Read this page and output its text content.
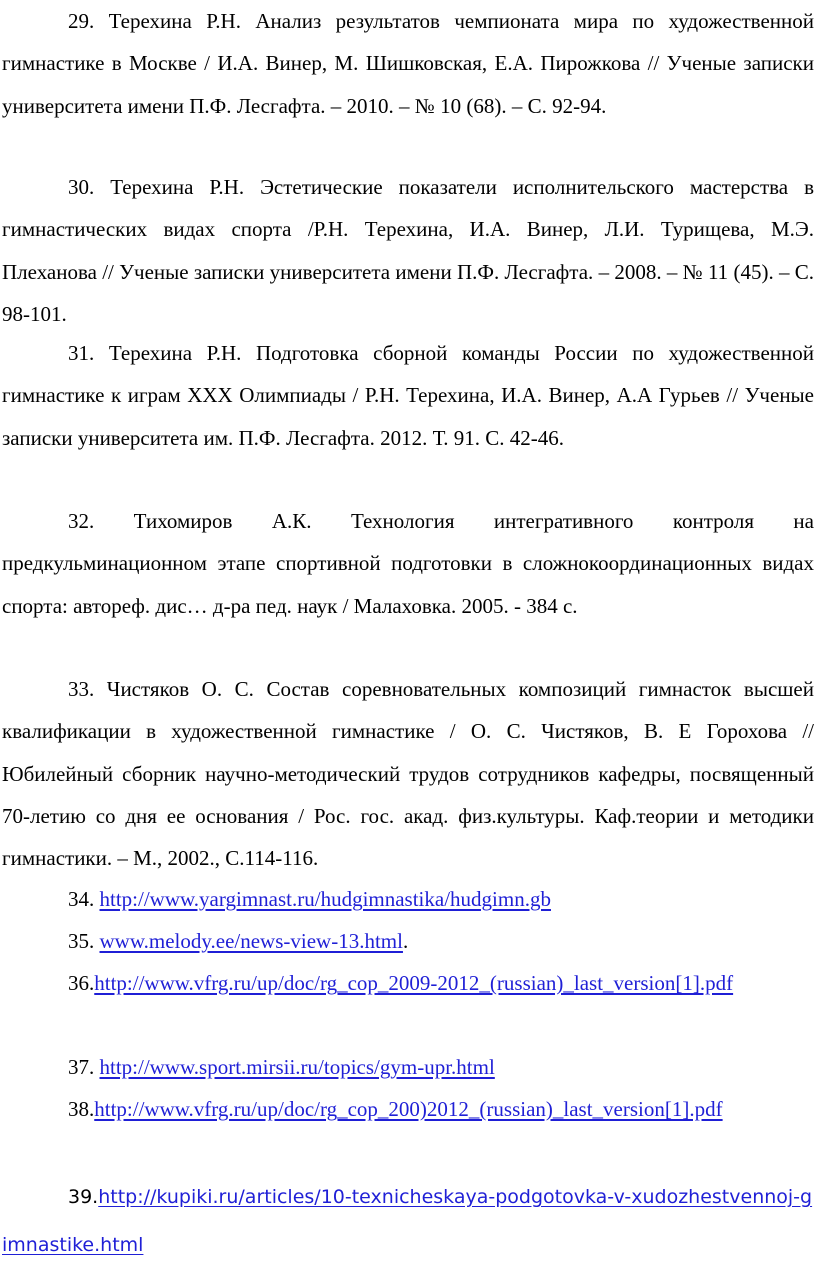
29. Терехина Р.Н. Анализ результатов чемпионата мира по художественной гимнастике в Москве / И.А. Винер, М. Шишковская, Е.А. Пирожкова // Ученые записки университета имени П.Ф. Лесгафта. – 2010. – № 10 (68). – С. 92-94.

30. Терехина Р.Н. Эстетические показатели исполнительского мастерства в гимнастических видах спорта /Р.Н. Терехина, И.А. Винер, Л.И. Турищева, М.Э. Плеханова // Ученые записки университета имени П.Ф. Лесгафта. – 2008. – № 11 (45). – С. 98-101.

31. Терехина Р.Н. Подготовка сборной команды России по художественной гимнастике к играм XXX Олимпиады / Р.Н. Терехина, И.А. Винер, А.А Гурьев // Ученые записки университета им. П.Ф. Лесгафта. 2012. Т. 91. С. 42-46.

32. Тихомиров А.К. Технология интегративного контроля на предкульминационном этапе спортивной подготовки в сложнокоординационных видах спорта: автореф. дис… д-ра пед. наук / Малаховка. 2005. - 384 с.

33. Чистяков О. С. Состав соревновательных композиций гимнасток высшей квалификации в художественной гимнастике / О. С. Чистяков, В. Е Горохова // Юбилейный сборник научно-методический трудов сотрудников кафедры, посвященный 70-летию со дня ее основания / Рос. гос. акад. физ.культуры. Каф.теории и методики гимнастики. – М., 2002., С.114-116.

34. http://www.yargimnast.ru/hudgimnastika/hudgimn.gb

35. www.melody.ee/news-view-13.html.

36.http://www.vfrg.ru/up/doc/rg_cop_2009-2012_(russian)_last_version[1].pdf

37. http://www.sport.mirsii.ru/topics/gym-upr.html

38.http://www.vfrg.ru/up/doc/rg_cop_200)2012_(russian)_last_version[1].pdf

39.http://kupiki.ru/articles/10-texnicheskaya-podgotovka-v-xudozhestvennoj-gimnastike.html
